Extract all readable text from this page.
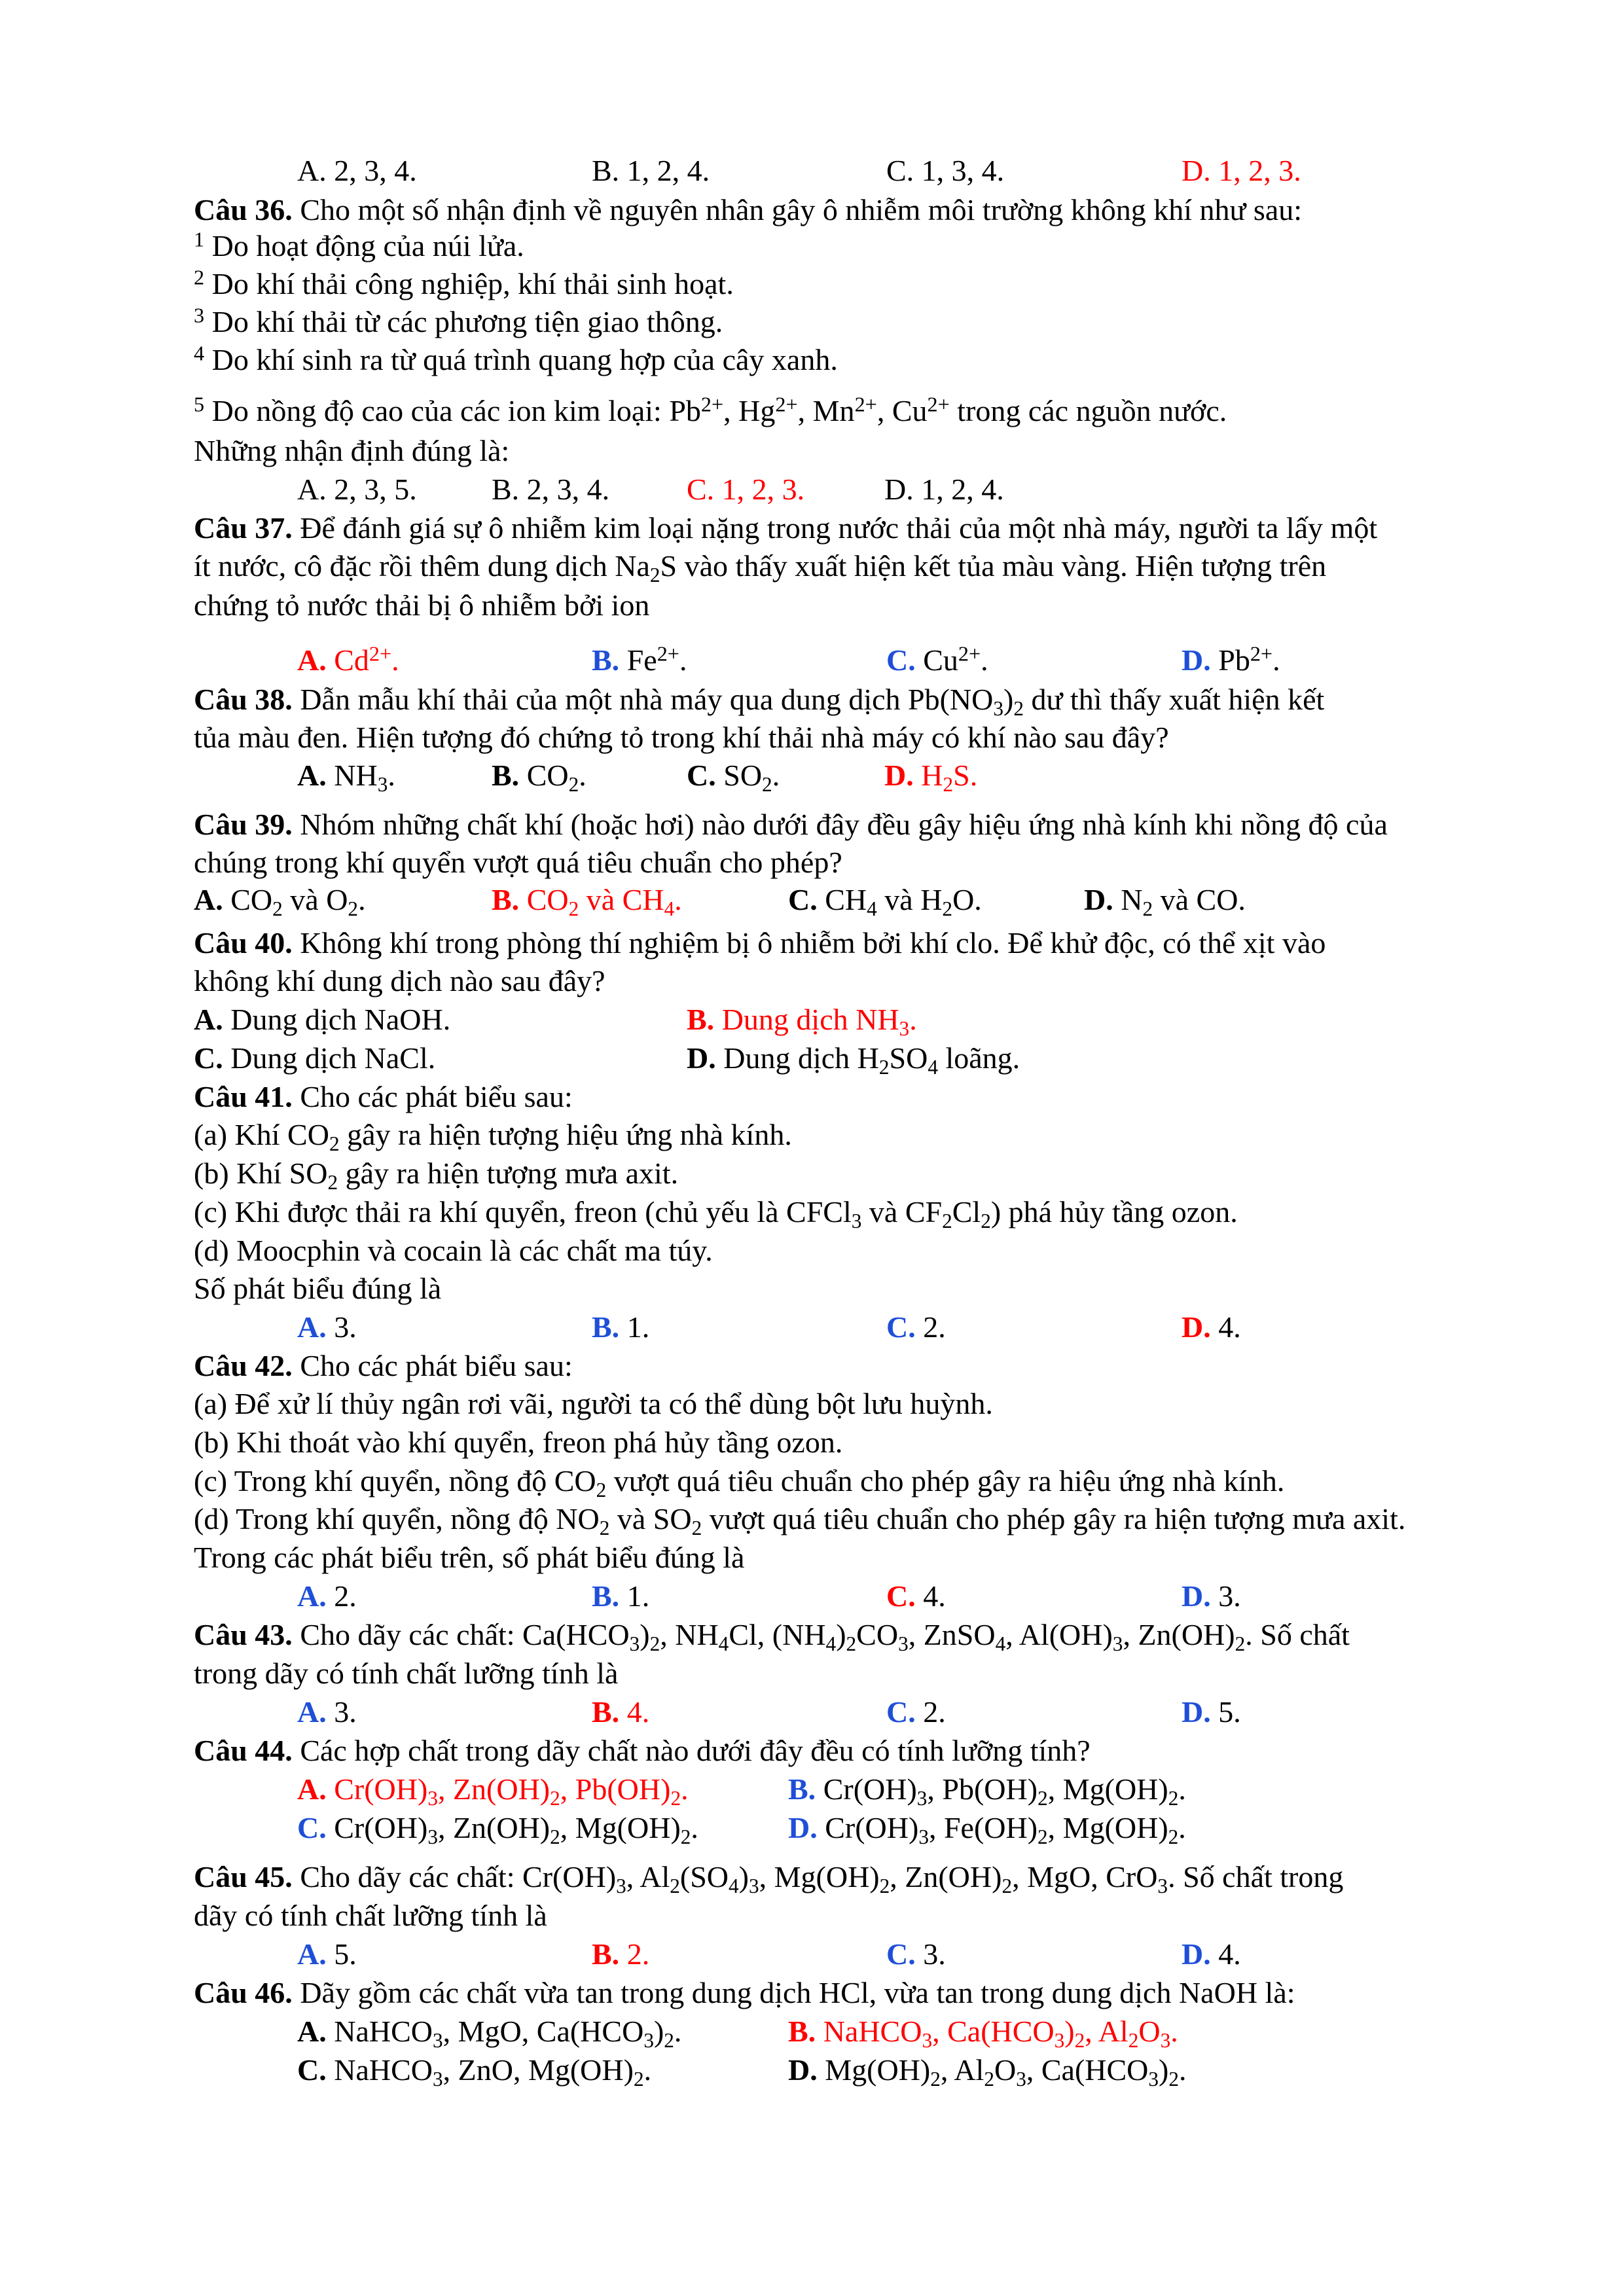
A. 2, 3, 4.	B. 1, 2, 4.	C. 1, 3, 4.	D. 1, 2, 3.
Câu 36. Cho một số nhận định về nguyên nhân gây ô nhiễm môi trường không khí như sau:
$^1$ Do hoạt động của núi lửa.
$^2$ Do khí thải công nghiệp, khí thải sinh hoạt.
$^3$ Do khí thải từ các phương tiện giao thông.
$^4$ Do khí sinh ra từ quá trình quang hợp của cây xanh.
$^5$ Do nồng độ cao của các ion kim loại: $Pb^{2+}$, $Hg^{2+}$, $Mn^{2+}$, $Cu^{2+}$ trong các nguồn nước.
Những nhận định đúng là:
A. 2, 3, 5. B. 2, 3, 4.	C. 1, 2, 3.	D. 1, 2, 4.
Câu 37. Để đánh giá sự ô nhiễm kim loại nặng trong nước thải của một nhà máy, người ta lấy một
ít nước, cô đặc rồi thêm dung dịch $Na_2S$ vào thấy xuất hiện kết tủa màu vàng. Hiện tượng trên
chứng tỏ nước thải bị ô nhiễm bởi ion
A. $Cd^{2+}$.	B. $Fe^{2+}$.	C. $Cu^{2+}$.	D. $Pb^{2+}$.
Câu 38. Dẫn mẫu khí thải của một nhà máy qua dung dịch $Pb(NO_3)_2$ dư thì thấy xuất hiện kết
tủa màu đen. Hiện tượng đó chứng tỏ trong khí thải nhà máy có khí nào sau đây?
A. $NH_3$.	B. $CO_2$.	C. $SO_2$.	D. $H_2S$.
Câu 39. Nhóm những chất khí (hoặc hơi) nào dưới đây đều gây hiệu ứng nhà kính khi nồng độ của
chúng trong khí quyển vượt quá tiêu chuẩn cho phép?
A. $CO_2$ và $O_2$.	B. $CO_2$ và $CH_4$.	C. $CH_4$ và $H_2O$.	D. $N_2$ và CO.
Câu 40. Không khí trong phòng thí nghiệm bị ô nhiễm bởi khí clo. Để khử độc, có thể xịt vào
không khí dung dịch nào sau đây?
A. Dung dịch NaOH.	B. Dung dịch $NH_3$.
C. Dung dịch NaCl.	D. Dung dịch $H_2SO_4$ loãng.
Câu 41. Cho các phát biểu sau:
(a) Khí $CO_2$ gây ra hiện tượng hiệu ứng nhà kính.
(b) Khí $SO_2$ gây ra hiện tượng mưa axit.
(c) Khi được thải ra khí quyển, freon (chủ yếu là CFCl$_3$ và $CF_2Cl_2$) phá hủy tầng ozon.
(d) Moocphin và cocain là các chất ma túy.
Số phát biểu đúng là
A. 3.	B. 1.	C. 2.	D. 4.
Câu 42. Cho các phát biểu sau:
(a) Để xử lí thủy ngân rơi vãi, người ta có thể dùng bột lưu huỳnh.
(b) Khi thoát vào khí quyển, freon phá hủy tầng ozon.
(c) Trong khí quyển, nồng độ $CO_2$ vượt quá tiêu chuẩn cho phép gây ra hiệu ứng nhà kính.
(d) Trong khí quyển, nồng độ $NO_2$ và $SO_2$ vượt quá tiêu chuẩn cho phép gây ra hiện tượng mưa axit.
Trong các phát biểu trên, số phát biểu đúng là
A. 2.	B. 1.	C. 4.	D. 3.
Câu 43. Cho dãy các chất: $Ca(HCO_3)_2$, $NH_4Cl$, $(NH_4)_2CO_3$, ZnSO$_4$, $Al(OH)_3$, $Zn(OH)_2$. Số chất
trong dãy có tính chất lưỡng tính là
A. 3.	B. 4.	C. 2.	D. 5.
Câu 44. Các hợp chất trong dãy chất nào dưới đây đều có tính lưỡng tính?
A. $Cr(OH)_3$, $Zn(OH)_2$, $Pb(OH)_2$.	B. $Cr(OH)_3$, $Pb(OH)_2$, $Mg(OH)_2$.
C. $Cr(OH)_3$, $Zn(OH)_2$, $Mg(OH)_2$.	D. $Cr(OH)_3$, $Fe(OH)_2$, $Mg(OH)_2$.
Câu 45. Cho dãy các chất: $Cr(OH)_3$, $Al_2(SO_4)_3$, $Mg(OH)_2$, $Zn(OH)_2$, MgO, CrO$_3$. Số chất trong
dãy có tính chất lưỡng tính là
A. 5.	B. 2.	C. 3.	D. 4.
Câu 46. Dãy gồm các chất vừa tan trong dung dịch HCl, vừa tan trong dung dịch NaOH là:
A. NaHCO$_3$, MgO, $Ca(HCO_3)_2$.	B. NaHCO$_3$, $Ca(HCO_3)_2$, $Al_2O_3$.
C. NaHCO$_3$, ZnO, $Mg(OH)_2$.	D. $Mg(OH)_2$, $Al_2O_3$, $Ca(HCO_3)_2$.
